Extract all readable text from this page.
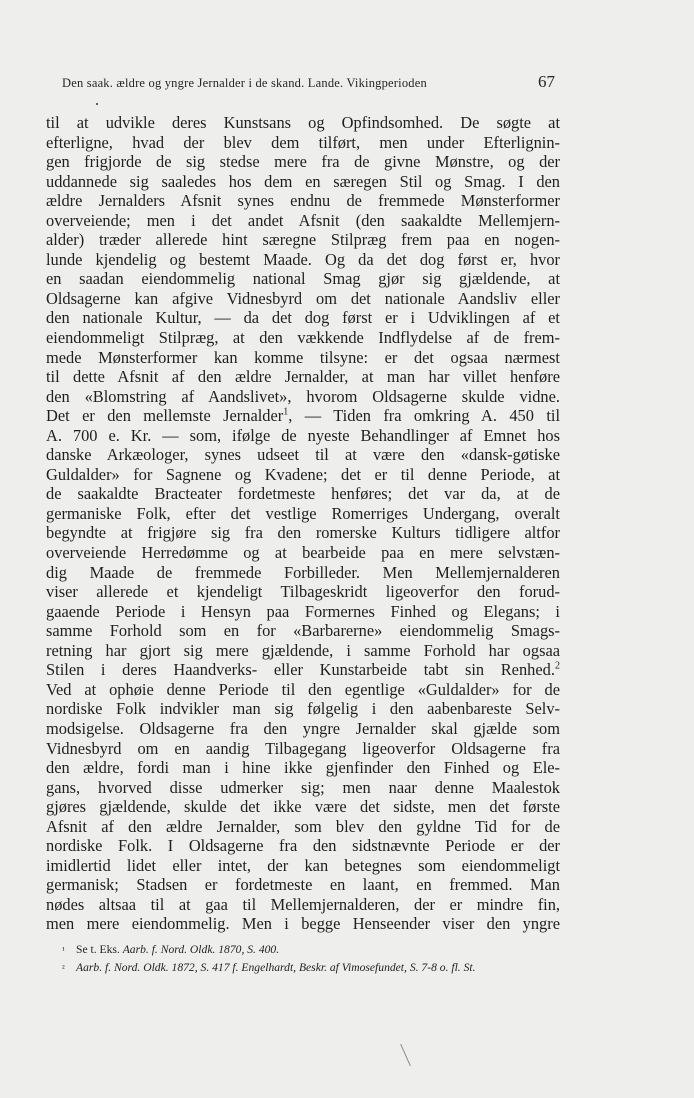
Den saak. ældre og yngre Jernalder i de skand. Lande. Vikingperioden	67
til at udvikle deres Kunstsans og Opfindsomhed. De søgte at
efterligne, hvad der blev dem tilført, men under Efterlignin-
gen frigjorde de sig stedse mere fra de givne Mønstre, og der
uddannede sig saaledes hos dem en særegen Stil og Smag. I den
ældre Jernalders Afsnit synes endnu de fremmede Mønsterformer
overveiende; men i det andet Afsnit (den saakaldte Mellemjern-
alder) træder allerede hint særegne Stilpræg frem paa en nogen-
lunde kjendelig og bestemt Maade. Og da det dog først er, hvor
en saadan eiendommelig national Smag gjør sig gjældende, at
Oldsagerne kan afgive Vidnesbyrd om det nationale Aandsliv eller
den nationale Kultur, — da det dog først er i Udviklingen af et
eiendommeligt Stilpræg, at den vækkende Indflydelse af de frem-
mede Mønsterformer kan komme tilsyne: er det ogsaa nærmest
til dette Afsnit af den ældre Jernalder, at man har villet henføre
den «Blomstring af Aandslivet», hvorom Oldsagerne skulde vidne.
Det er den mellemste Jernalder$^1$, — Tiden fra omkring A. 450 til
A. 700 e. Kr. — som, ifølge de nyeste Behandlinger af Emnet hos
danske Arkæologer, synes udseet til at være den «dansk-gøtiske
Guldalder» for Sagnene og Kvadene; det er til denne Periode, at
de saakaldte Bracteater fordetmeste henføres; det var da, at de
germaniske Folk, efter det vestlige Romerriges Undergang, overalt
begyndte at frigjøre sig fra den romerske Kulturs tidligere altfor
overveiende Herredømme og at bearbeide paa en mere selvstæn-
dig Maade de fremmede Forbilleder. Men Mellemjernalderen
viser allerede et kjendeligt Tilbageskridt ligeoverfor den forud-
gaaende Periode i Hensyn paa Formernes Finhed og Elegans; i
samme Forhold som en for «Barbarerne» eiendommelig Smags-
retning har gjort sig mere gjældende, i samme Forhold har ogsaa
Stilen i deres Haandverks- eller Kunstarbeide tabt sin Renhed.$^2$
Ved at ophøie denne Periode til den egentlige «Guldalder» for de
nordiske Folk indvikler man sig følgelig i den aabenbareste Selv-
modsigelse. Oldsagerne fra den yngre Jernalder skal gjælde som
Vidnesbyrd om en aandig Tilbagegang ligeoverfor Oldsagerne fra
den ældre, fordi man i hine ikke gjenfinder den Finhed og Ele-
gans, hvorved disse udmerker sig; men naar denne Maalestok
gjøres gjældende, skulde det ikke være det sidste, men det første
Afsnit af den ældre Jernalder, som blev den gyldne Tid for de
nordiske Folk. I Oldsagerne fra den sidstnævnte Periode er der
imidlertid lidet eller intet, der kan betegnes som eiendommeligt
germanisk; Stadsen er fordetmeste en laant, en fremmed. Man
nødes altsaa til at gaa til Mellemjernalderen, der er mindre fin,
men mere eiendommelig. Men i begge Henseender viser den yngre
¹ Se t. Eks. Aarb. f. Nord. Oldk. 1870, S. 400.
² Aarb. f. Nord. Oldk. 1872, S. 417 f. Engelhardt, Beskr. af Vimosefundet, S. 7-8 o. fl. St.
